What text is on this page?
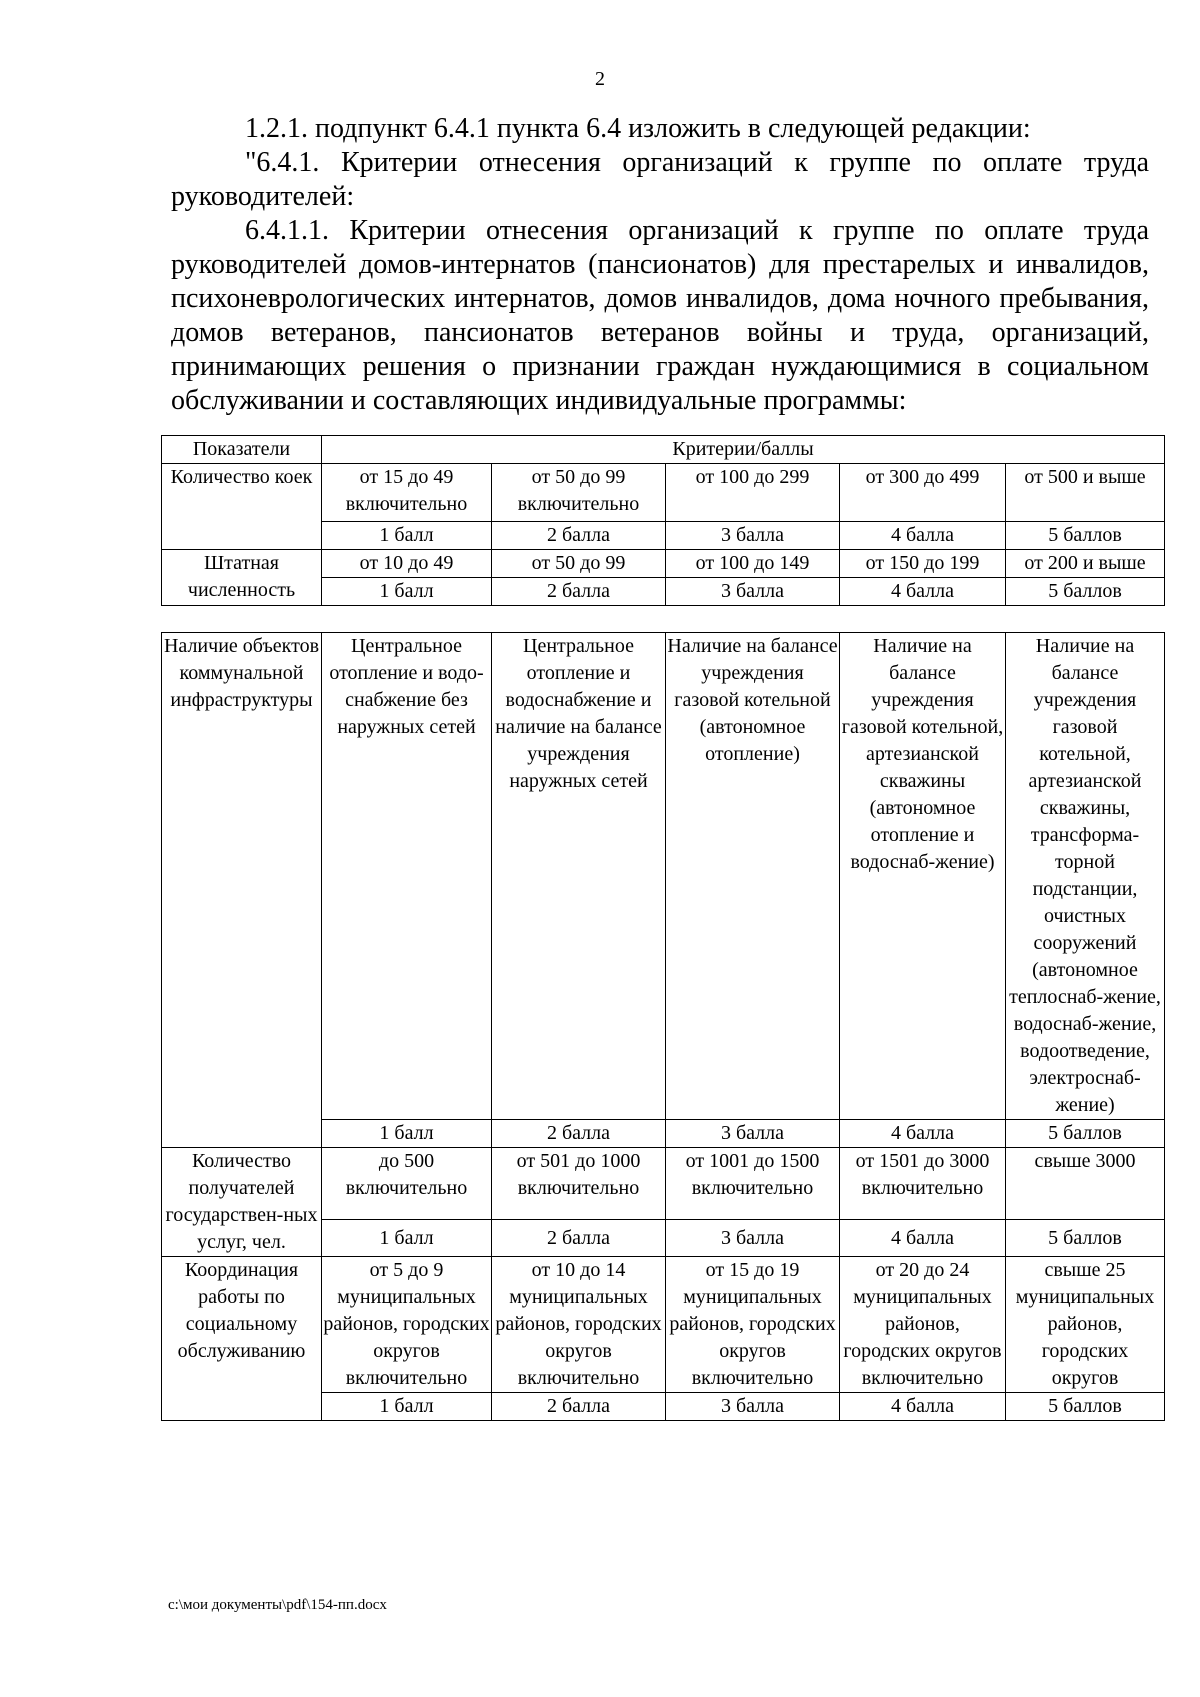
2

1.2.1. подпункт 6.4.1 пункта 6.4 изложить в следующей редакции:

"6.4.1. Критерии отнесения организаций к группе по оплате труда руководителей:

6.4.1.1. Критерии отнесения организаций к группе по оплате труда руководителей домов-интернатов (пансионатов) для престарелых и инвалидов, психоневрологических интернатов, домов инвалидов, дома ночного пребывания, домов ветеранов, пансионатов ветеранов войны и труда, организаций, принимающих решения о признании граждан нуждающимися в социальном обслуживании и составляющих индивидуальные программы:

Показатели	Критерии/баллы				
Количество коек	от 15 до 49 включительно	от 50 до 99 включительно	от 100 до 299	от 300 до 499	от 500 и выше
	1 балл	2 балла	3 балла	4 балла	5 баллов
Штатная численность	от 10 до 49	от 50 до 99	от 100 до 149	от 150 до 199	от 200 и выше
	1 балл	2 балла	3 балла	4 балла	5 баллов
Наличие объектов коммунальной инфраструктуры	Центральное отопление и водо-снабжение без наружных сетей	Центральное отопление и водоснабжение и наличие на балансе учреждения наружных сетей	Наличие на балансе учреждения газовой котельной (автономное отопление)	Наличие на балансе учреждения газовой котельной, артезианской скважины (автономное отопление и водоснаб-жение)	Наличие на балансе учреждения газовой котельной, артезианской скважины, трансформа-торной подстанции, очистных сооружений (автономное теплоснаб-жение, водоснаб-жение, водоотведение, электроснаб-жение)
	1 балл	2 балла	3 балла	4 балла	5 баллов
Количество получателей государствен-ных услуг, чел.	до 500 включительно	от 501 до 1000 включительно	от 1001 до 1500 включительно	от 1501 до 3000 включительно	свыше 3000
	1 балл	2 балла	3 балла	4 балла	5 баллов
Координация работы по социальному обслуживанию	от 5 до 9 муниципальных районов, городских округов включительно	от 10 до 14 муниципальных районов, городских округов включительно	от 15 до 19 муниципальных районов, городских округов включительно	от 20 до 24 муниципальных районов, городских округов включительно	свыше 25 муниципальных районов, городских округов
	1 балл	2 балла	3 балла	4 балла	5 баллов
c:\мои документы\pdf\154-пп.docx
